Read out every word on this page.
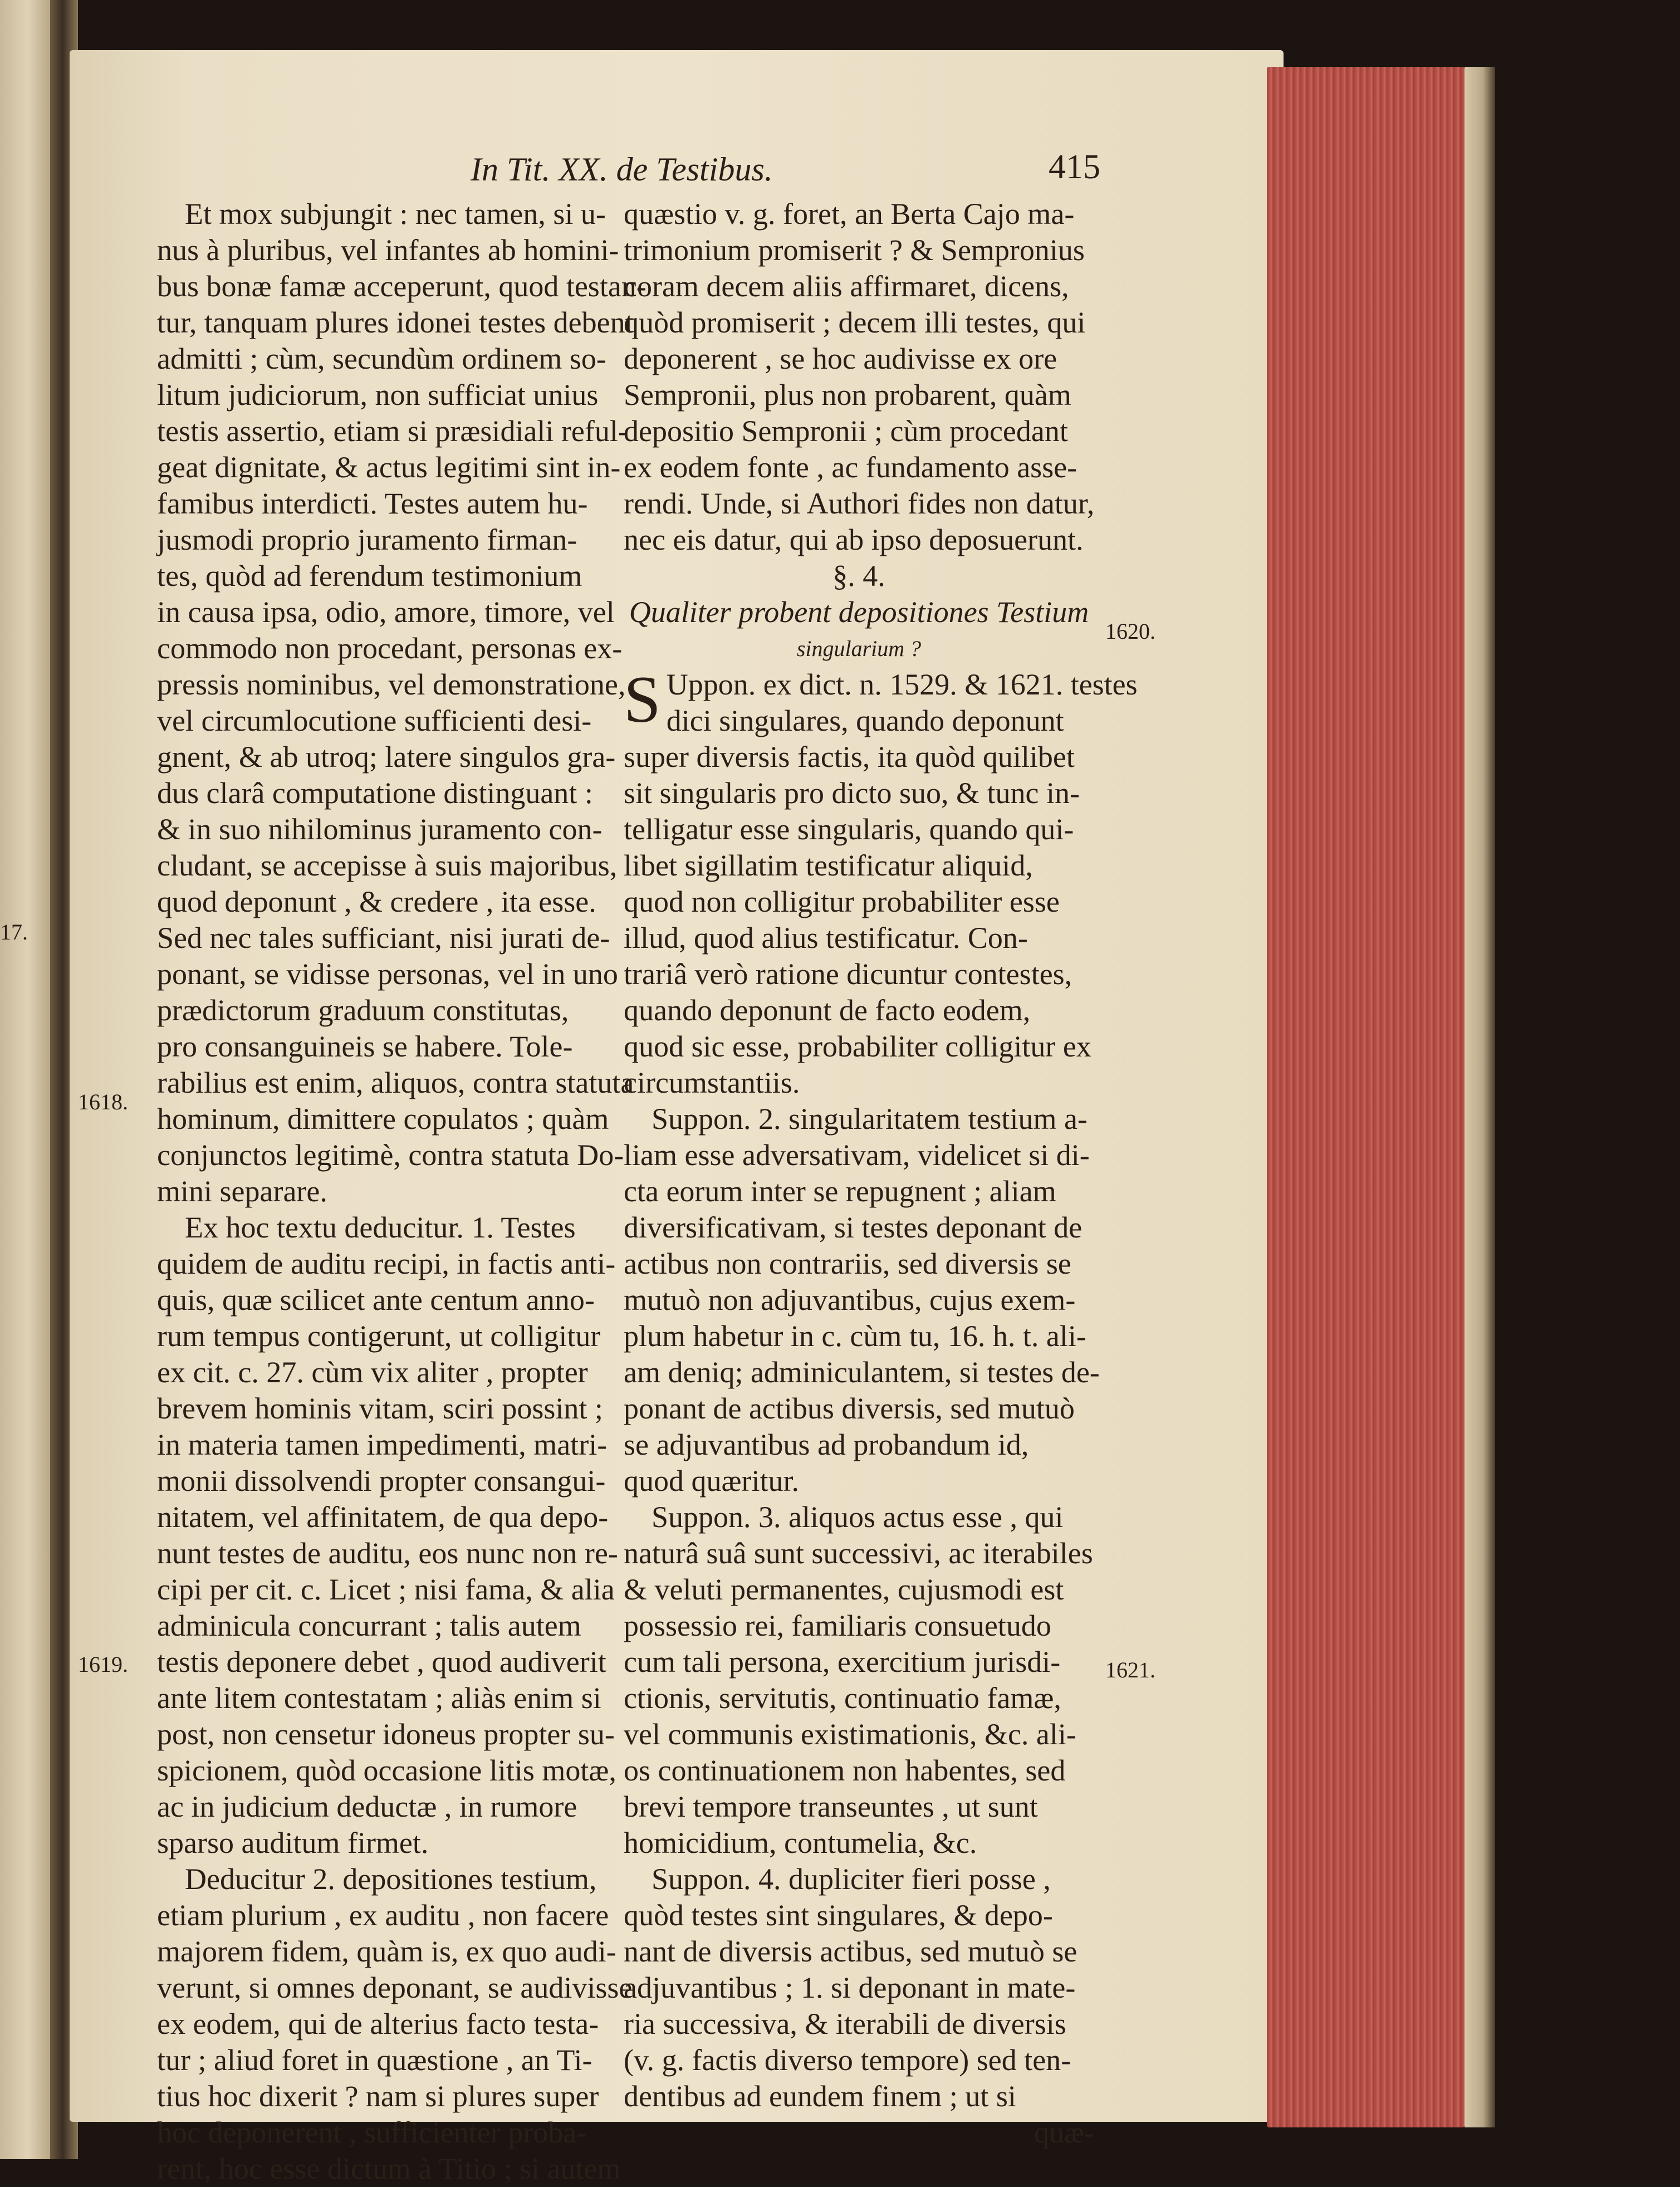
In Tit. XX. de Testibus.	415
17.
1618.
1619.
1620.
1621.
Et mox subjungit : nec tamen, si u-
nus à pluribus, vel infantes ab homini-
bus bonæ famæ acceperunt, quod testan-
tur, tanquam plures idonei testes debent
admitti ; cùm, secundùm ordinem so-
litum judiciorum, non sufficiat unius
testis assertio, etiam si præsidiali reful-
geat dignitate, & actus legitimi sint in-
famibus interdicti. Testes autem hu-
jusmodi proprio juramento firman-
tes, quòd ad ferendum testimonium
in causa ipsa, odio, amore, timore, vel
commodo non procedant, personas ex-
pressis nominibus, vel demonstratione,
vel circumlocutione sufficienti desi-
gnent, & ab utroq; latere singulos gra-
dus clarâ computatione distinguant :
& in suo nihilominus juramento con-
cludant, se accepisse à suis majoribus,
quod deponunt , & credere , ita esse.
Sed nec tales sufficiant, nisi jurati de-
ponant, se vidisse personas, vel in uno
prædictorum graduum constitutas,
pro consanguineis se habere. Tole-
rabilius est enim, aliquos, contra statuta
hominum, dimittere copulatos ; quàm
conjunctos legitimè, contra statuta Do-
mini separare.
Ex hoc textu deducitur. 1. Testes
quidem de auditu recipi, in factis anti-
quis, quæ scilicet ante centum anno-
rum tempus contigerunt, ut colligitur
ex cit. c. 27. cùm vix aliter , propter
brevem hominis vitam, sciri possint ;
in materia tamen impedimenti, matri-
monii dissolvendi propter consangui-
nitatem, vel affinitatem, de qua depo-
nunt testes de auditu, eos nunc non re-
cipi per cit. c. Licet ; nisi fama, & alia
adminicula concurrant ; talis autem
testis deponere debet , quod audiverit
ante litem contestatam ; aliàs enim si
post, non censetur idoneus propter su-
spicionem, quòd occasione litis motæ,
ac in judicium deductæ , in rumore
sparso auditum firmet.
Deducitur 2. depositiones testium,
etiam plurium , ex auditu , non facere
majorem fidem, quàm is, ex quo audi-
verunt, si omnes deponant, se audivisse
ex eodem, qui de alterius facto testa-
tur ; aliud foret in quæstione , an Ti-
tius hoc dixerit ? nam si plures super
hoc deponerent , sufficienter proba-
rent, hoc esse dictum à Titio ; si autem
quæstio v. g. foret, an Berta Cajo ma-
trimonium promiserit ? & Sempronius
coram decem aliis affirmaret, dicens,
quòd promiserit ; decem illi testes, qui
deponerent , se hoc audivisse ex ore
Sempronii, plus non probarent, quàm
depositio Sempronii ; cùm procedant
ex eodem fonte , ac fundamento asse-
rendi. Unde, si Authori fides non datur,
nec eis datur, qui ab ipso deposuerunt.
§. 4.
Qualiter probent depositiones Testium
singularium ?
S Uppon. ex dict. n. 1529. & 1621. testes
dici singulares, quando deponunt
super diversis factis, ita quòd quilibet
sit singularis pro dicto suo, & tunc in-
telligatur esse singularis, quando qui-
libet sigillatim testificatur aliquid,
quod non colligitur probabiliter esse
illud, quod alius testificatur. Con-
trariâ verò ratione dicuntur contestes,
quando deponunt de facto eodem,
quod sic esse, probabiliter colligitur ex
circumstantiis.
Suppon. 2. singularitatem testium a-
liam esse adversativam, videlicet si di-
cta eorum inter se repugnent ; aliam
diversificativam, si testes deponant de
actibus non contrariis, sed diversis se
mutuò non adjuvantibus, cujus exem-
plum habetur in c. cùm tu, 16. h. t. ali-
am deniq; adminiculantem, si testes de-
ponant de actibus diversis, sed mutuò
se adjuvantibus ad probandum id,
quod quæritur.
Suppon. 3. aliquos actus esse , qui
naturâ suâ sunt successivi, ac iterabiles
& veluti permanentes, cujusmodi est
possessio rei, familiaris consuetudo
cum tali persona, exercitium jurisdi-
ctionis, servitutis, continuatio famæ,
vel communis existimationis, &c. ali-
os continuationem non habentes, sed
brevi tempore transeuntes , ut sunt
homicidium, contumelia, &c.
Suppon. 4. dupliciter fieri posse ,
quòd testes sint singulares, & depo-
nant de diversis actibus, sed mutuò se
adjuvantibus ; 1. si deponant in mate-
ria successiva, & iterabili de diversis
(v. g. factis diverso tempore) sed ten-
dentibus ad eundem finem ; ut si
quæ-
